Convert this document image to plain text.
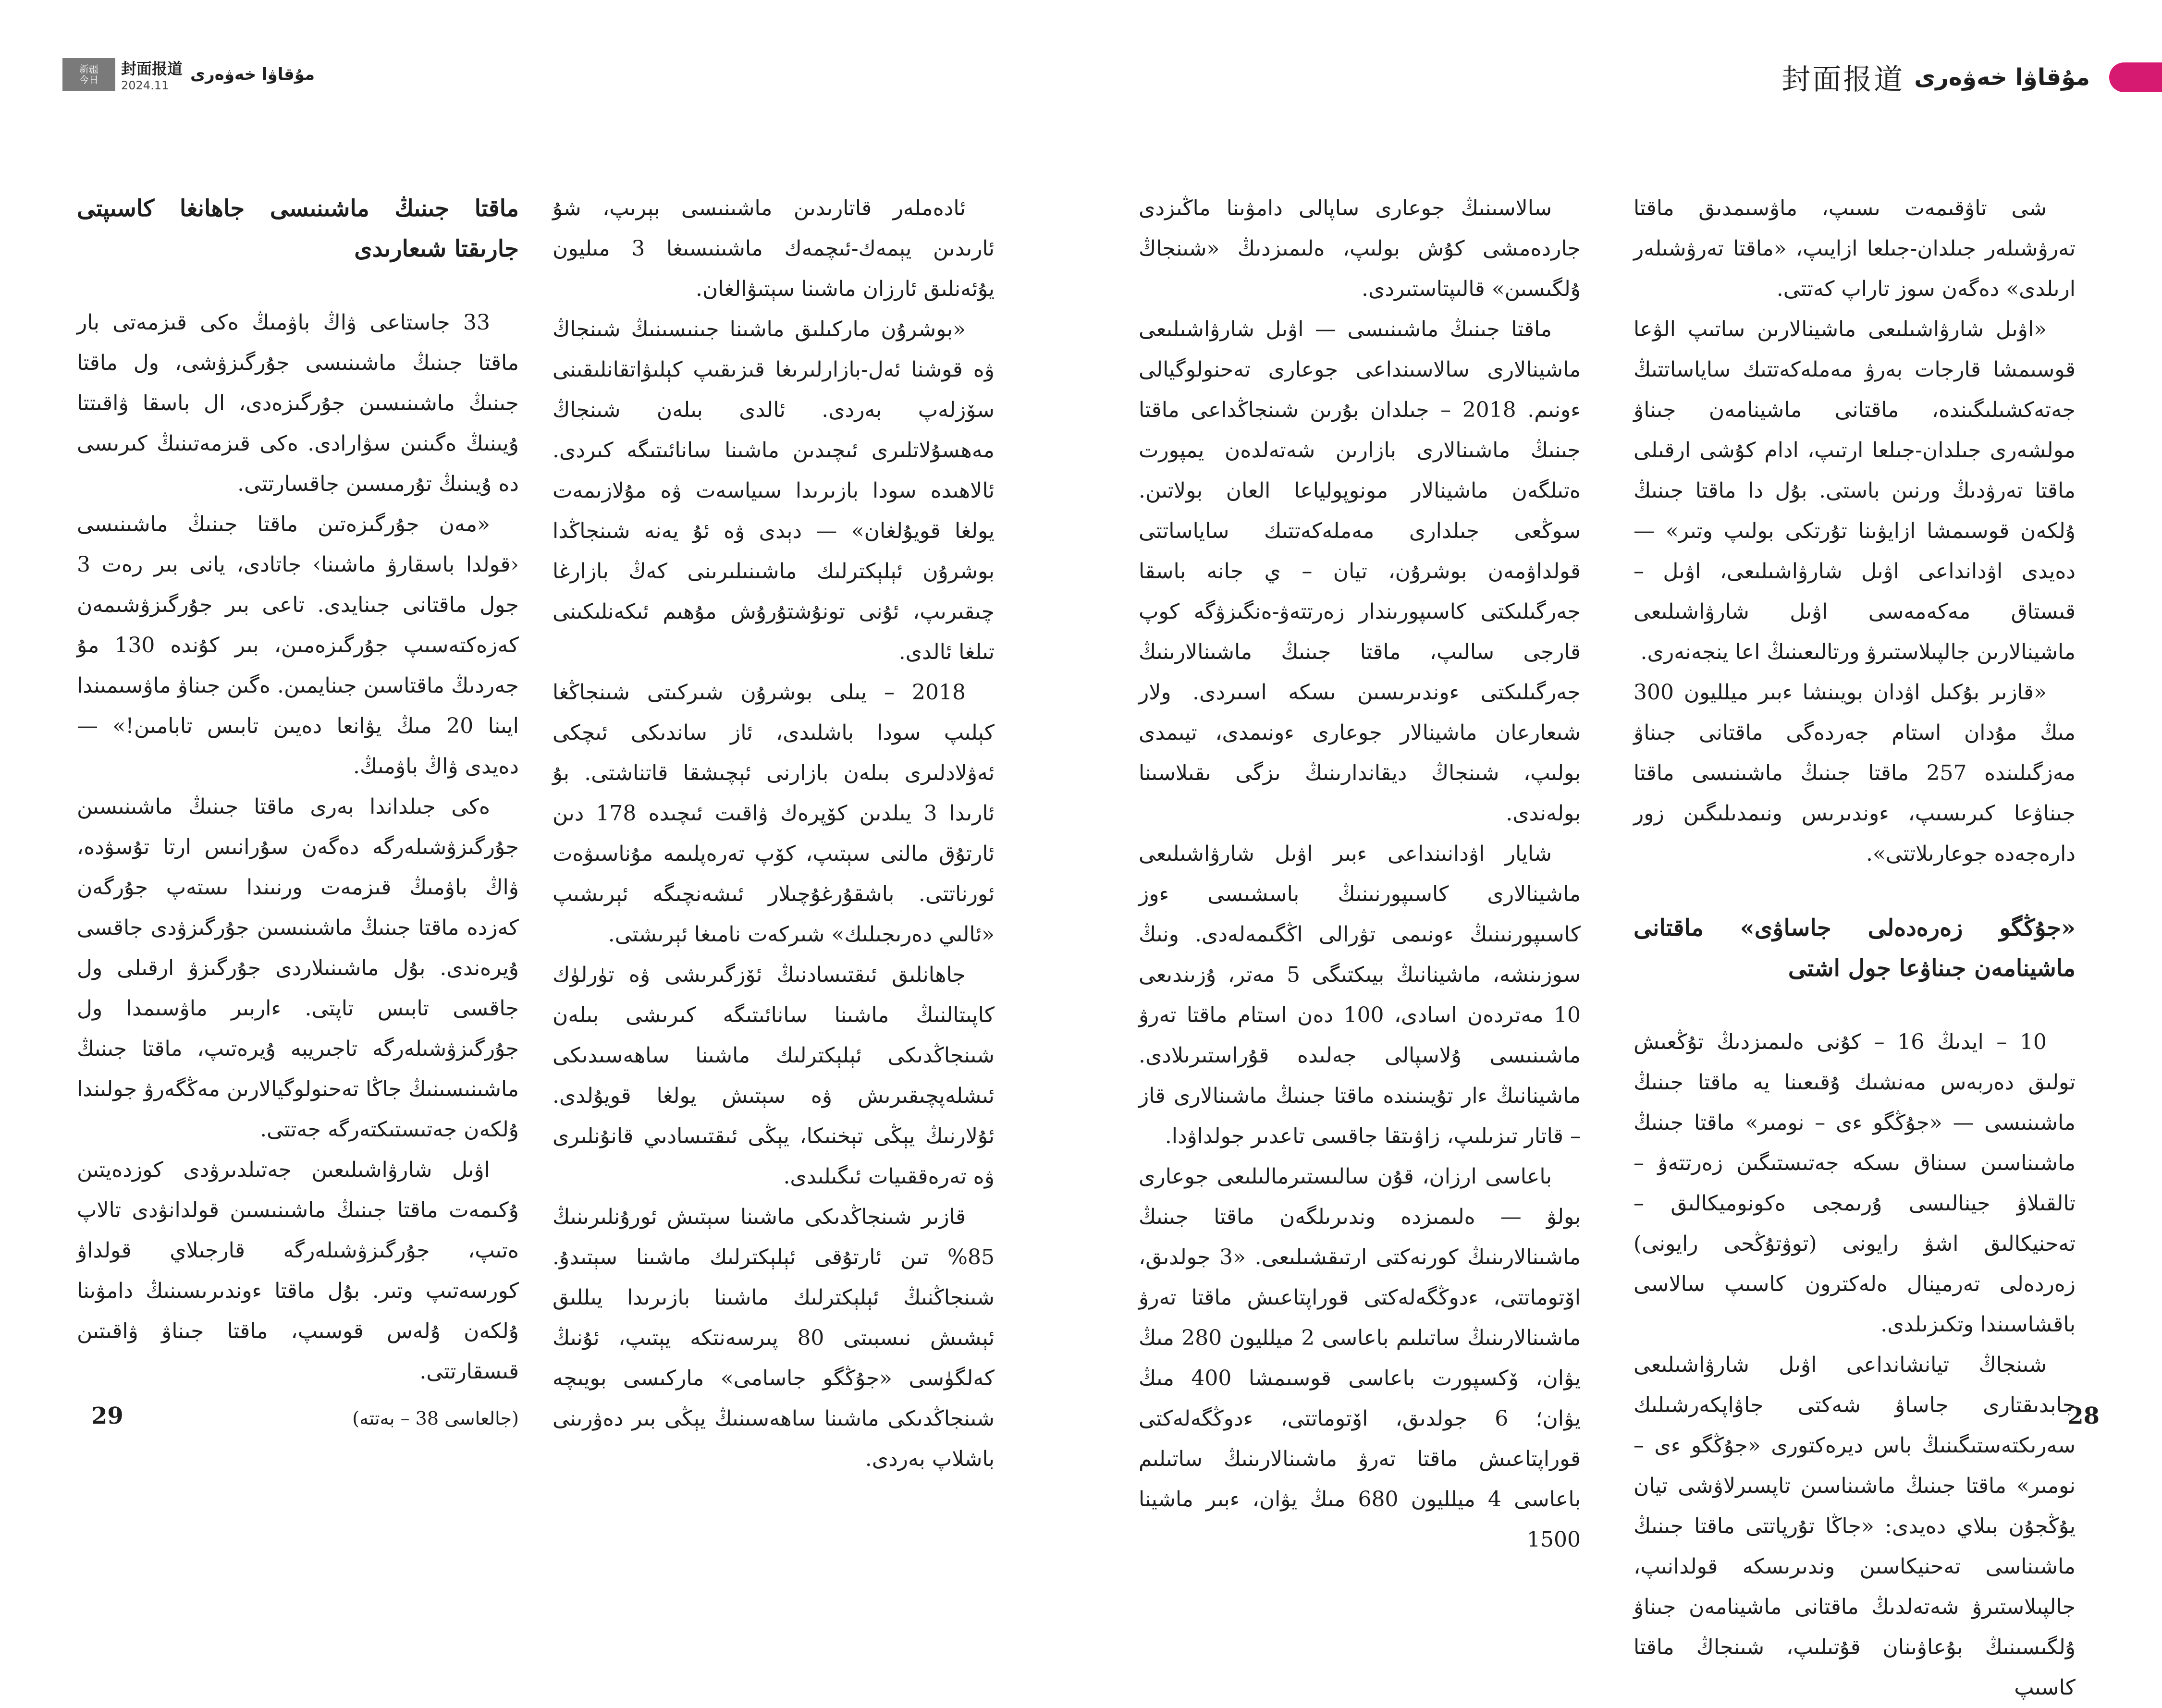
新疆
今日
封面报道
2024.11
مۇقاۋا خەۋەرى

ئادەملەر قاتارىدىن ماشىنىسى بېرىپ، شۇ ئارىدىن يېمەك-ئىچمەك ماشىنىسىغا 3 مىليون يۇئەنلىق ئارزان ماشىنا سېتىۋالغان.

«بوشرۇن ماركىلىق ماشىنا جىنىسىنىڭ شىنجاڭ ۋە قوشنا ئەل-بازارلىرىغا قىزىقىپ كېلىۋاتقانلىقىنى سۆزلەپ بەردى. ئالدى بىلەن شىنجاڭ مەھسۇلاتلىرى ئىچىدىن ماشىنا سانائىتىگە كىردى. ئالاھىدە سودا بازىرىدا سىياسەت ۋە مۇلازىمەت يولغا قويۇلغان» — دېدى ۋە ئۇ يەنە شىنجاڭدا بوشرۇن ئېلېكترلىك ماشىنىلىرىنى كەڭ بازارغا چىقىرىپ، ئۇنى تونۇشتۇرۇش مۇھىم ئىكەنلىكىنى تىلغا ئالدى.

2018 – يىلى بوشرۇن شىركىتى شىنجاڭغا كېلىپ سودا باشلىدى، ئاز ساندىكى ئىچكى ئەۋلادلىرى بىلەن بازارنى ئېچىشقا قاتناشتى. بۇ ئارىدا 3 يىلدىن كۆپرەك ۋاقىت ئىچىدە 178 دىن ئارتۇق مالنى سېتىپ، كۆپ تەرەپلىمە مۇناسىۋەت ئورناتتى. باشقۇرغۇچىلار ئىشەنچىگە ئېرىشىپ «ئالىي دەرىجىلىك» شىركەت نامىغا ئېرىشتى.

جاھانلىق ئىقتىسادنىڭ ئۆزگىرىشى ۋە تۈرلۈك كاپىتالنىڭ ماشىنا سانائىتىگە كىرىشى بىلەن شىنجاڭدىكى ئېلېكترلىك ماشىنا ساھەسىدىكى ئىشلەپچىقىرىش ۋە سېتىش يولغا قويۇلدى. ئۇلارنىڭ يېڭى تېخنىكا، يېڭى ئىقتىسادىي قانۇنلىرى ۋە تەرەققىيات ئىگىلىدى.

قازىر شىنجاڭدىكى ماشىنا سېتىش ئورۇنلىرىنىڭ 85% تىن ئارتۇقى ئېلېكترلىك ماشىنا سېتىدۇ. شىنجاڭنىڭ ئېلېكترلىك ماشىنا بازىرىدا يىللىق ئېشىش نىسبىتى 80 پىرسەنتكە يېتىپ، ئۇنىڭ كەلگۈسى «جۇڭگو جاسامى» ماركىسى بويىچە شىنجاڭدىكى ماشىنا ساھەسىنىڭ يېڭى بىر دەۋرىنى باشلاپ بەردى.

ماقتا جىنىڭ ماشىنىسى جاھانغا كاسىپتى جارىقتا شىعارىدى

33 جاستاعى ۋاڭ باۋمىڭ ەكى قىزمەتى بار ماقتا جىنىڭ ماشىنىسى جۇرگىزۋشى، ول ماقتا جىنىڭ ماشىنىسىن جۇرگىزەدى، ال باسقا ۋاقىتتا ۇيىنىڭ ەگىنىن سۋارادى. ەكى قىزمەتىنىڭ كىرىسى دە ۇيىنىڭ تۇرمىسىن جاقسارتتى.

«مەن جۇرگىزەتىن ماقتا جىنىڭ ماشىنىسى ‹قولدا باسقارۋ ماشىنا› جاتادى، يانى بىر رەت 3 جول ماقتانى جىنايدى. تاعى بىر جۇرگىزۋشىمەن كەزەكتەسىپ جۇرگىزەمىن، بىر كۇندە 130 مۇ جەردىڭ ماقتاسىن جىنايمىن. ەگىن جىناۋ ماۋسىمىندا ايىنا 20 مىڭ يۋانعا دەيىن تابىس تابامىن!» — دەيدى ۋاڭ باۋمىڭ.

ەكى جىلداندا بەرى ماقتا جىنىڭ ماشىنىسىن جۇرگىزۋشىلەرگە دەگەن سۇرانىس ارتا تۇسۋدە، ۋاڭ باۋمىڭ قىزمەت ورنىندا ىستەپ جۇرگەن كەزدە ماقتا جىنىڭ ماشىنىسىن جۇرگىزۋدى جاقسى ۇيرەندى. بۇل ماشىنىلاردى جۇرگىزۋ ارقىلى ول جاقسى تابىس تاپتى. ءاربىر ماۋسىمدا ول جۇرگىزۋشىلەرگە تاجىريبە ۇيرەتىپ، ماقتا جىنىڭ ماشىنىسىنىڭ جاڭا تەحنولوگيالارىن مەڭگەرۋ جولىندا ۇلكەن جەتىستىكتەرگە جەتتى.

اۋىل شارۋاشىلىعىن جەتىلدىرۋدى كوزدەيتىن ۇكىمەت ماقتا جىنىڭ ماشىنىسىن قولدانۋدى تالاپ ەتىپ، جۇرگىزۋشىلەرگە قارجىلاي قولداۋ كورسەتىپ وتىر. بۇل ماقتا ءوندىرىسىنىڭ دامۋىنا ۇلكەن ۇلەس قوسىپ، ماقتا جىناۋ ۋاقىتىن قىسقارتتى.

(جالعاسى 38 – بەتتە)

29
封面报道 مۇقاۋا خەۋەرى

سالاسىنىڭ جوعارى ساپالى دامۋىنا ماڭىزدى جاردەمشى كۇش بولىپ، ەلىمىزدىڭ «شىنجاڭ ۇلگىسىن» قالىپتاستىردى.

ماقتا جىنىڭ ماشىنىسى — اۋىل شارۋاشىلىعى ماشينالارى سالاسىنداعى جوعارى تەحنولوگيالى ءونىم. 2018 – جىلدان بۇرىن شىنجاڭداعى ماقتا جىنىڭ ماشىنالارى بازارىن شەتەلدەن يمپورت ەتىلگەن ماشينالار مونوپولياعا العان بولاتىن. سوڭعى جىلدارى مەملەكەتتىك ساياساتتى قولداۋمەن بوشرۇن، تيان – ي جانە باسقا جەرگىلىكتى كاسىپورىندار زەرتتەۋ-ەنگىزۋگە كوپ قارجى سالىپ، ماقتا جىنىڭ ماشىنالارىنىڭ جەرگىلىكتى ءوندىرىسىن ىسكە اسىردى. ولار شىعارعان ماشينالار جوعارى ءونىمدى، تيىمدى بولىپ، شىنجاڭ ديقاندارىنىڭ ىزگى ىقىلاسىنا بولەندى.

شايار اۋدانىنداعى ءبىر اۋىل شارۋاشىلىعى ماشينالارى كاسىپورنىنىڭ باسشىسى ءوز كاسىپورنىنىڭ ءونىمى تۋرالى اڭگىمەلەدى. ونىڭ سوزىنشە، ماشينانىڭ بيىكتىگى 5 مەتر، ۇزىندىعى 10 مەتردەن اسادى، 100 دەن استام ماقتا تەرۋ ماشىنىسى ۇلاسپالى جەلىدە قۇراستىرىلادى. ماشينانىڭ ءار تۇيىنىندە ماقتا جىنىڭ ماشىنالارى قاز – قاتار تىزىلىپ، زاۋىتقا جاقسى تاعدىر جولداۋدا.

باعاسى ارزان، قۇن سالىستىرمالىلىعى جوعارى بولۋ — ەلىمىزدە وندىرىلگەن ماقتا جىنىڭ ماشىنالارىنىڭ كورنەكتى ارتىقشىلىعى. «3 جولدىق، اۆتوماتتى، ءدوڭگەلەكتى قوراپتاعىش ماقتا تەرۋ ماشىنالارىنىڭ ساتىلىم باعاسى 2 ميلليون 280 مىڭ يۋان، ۆكسپورت باعاسى قوسىمشا 400 مىڭ يۋان؛ 6 جولدىق، اۆتوماتتى، ءدوڭگەلەكتى قوراپتاعىش ماقتا تەرۋ ماشىنالارىنىڭ ساتىلىم باعاسى 4 ميلليون 680 مىڭ يۋان، ءبىر ماشينا 1500

شى تاۋقىمەت ىسىپ، ماۋسىمدىق ماقتا تەرۋشىلەر جىلدان-جىلعا ازايىپ، «ماقتا تەرۋشىلەر ارىلدى» دەگەن سوز تاراپ كەتتى.

«اۋىل شارۋاشىلىعى ماشينالارىن ساتىپ الۋعا قوسىمشا قارجات بەرۋ مەملەكەتتىك ساياساتتىڭ جەتەكشىلىگىندە، ماقتانى ماشينامەن جىناۋ مولشەرى جىلدان-جىلعا ارتىپ، ادام كۇشى ارقىلى ماقتا تەرۋدىڭ ورنىن باستى. بۇل دا ماقتا جىنىڭ ۇلكەن قوسىمشا ازايۋىنا تۇرتكى بولىپ وتىر» — دەيدى اۋدانداعى اۋىل شارۋاشىلىعى، اۋىل – قىستاق مەكەمەسى اۋىل شارۋاشىلىعى ماشينالارىن جالپىلاستىرۋ ورتالىعىنىڭ اعا ينجەنەرى.

«قازىر بۇكىل اۋدان بويىنشا ءبىر ميلليون 300 مىڭ مۇدان استام جەردەگى ماقتانى جىناۋ مەزگىلىندە 257 ماقتا جىنىڭ ماشىنىسى ماقتا جىناۋعا كىرىسىپ، ءوندىرىس ونىمدىلىگىن زور دارەجەدە جوعارىلاتتى».

«جۇڭگو زەرەدەلى جاساۋى» ماقتانى ماشينامەن جىناۋعا جول اشتى

10 – ايدىڭ 16 – كۇنى ەلىمىزدىڭ تۇڭعىش تولىق دەربەس مەنشىك ۇقىعىنا يە ماقتا جىنىڭ ماشىنىسى — «جۇڭگو ءى – نومىر» ماقتا جىنىڭ ماشىناسىن سىناق ىسكە جەتىستىگىن زەرتتەۋ – تالقىلاۋ جينالىسى ۇرىمجى ەكونوميكالىق – تەحنيكالىق اشۋ رايونى (توۋتۇڭحى رايونى) زەردەلى تەرمينال ەلەكترون كاسىپ سالاسى باقشاسىندا وتكىزىلدى.

شىنجاڭ تيانشانداعى اۋىل شارۋاشىلىعى جابدىقتارى جاساۋ شەكتى جاۋاپكەرشىلىك سەرىكتەستىگىنىڭ باس ديرەكتورى «جۇڭگو ءى – نومىر» ماقتا جىنىڭ ماشىناسىن تاپسىرلاۋشى تيان يۇڭجۇن بىلاي دەيدى: «جاڭا تۇرپاتتى ماقتا جىنىڭ ماشىناسى تەحنيكاسىن وندىرىسكە قولدانىپ، جالپىلاستىرۋ شەتەلدىڭ ماقتانى ماشينامەن جىناۋ ۇلگىسىنىڭ بۇعاۋىنان قۇتىلىپ، شىنجاڭ ماقتا كاسىپ

28
